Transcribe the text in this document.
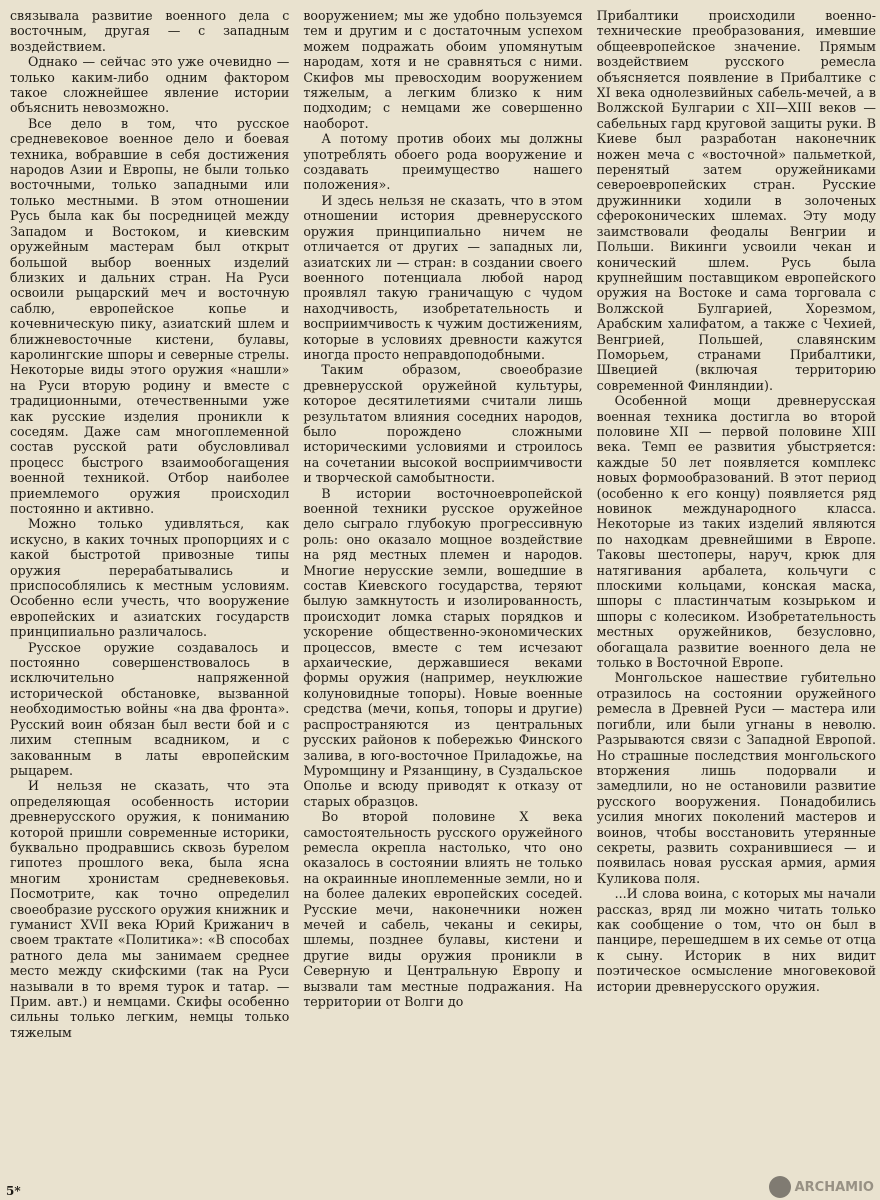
связывала развитие военного дела с восточным, другая — с западным воздействием.

Однако — сейчас это уже очевидно — только каким-либо одним фактором такое сложнейшее явление истории объяснить невозможно.

Все дело в том, что русское средневековое военное дело и боевая техника, вобравшие в себя достижения народов Азии и Европы, не были только восточными, только западными или только местными. В этом отношении Русь была как бы посредницей между Западом и Востоком, и киевским оружейным мастерам был открыт большой выбор военных изделий близких и дальних стран. На Руси освоили рыцарский меч и восточную саблю, европейское копье и кочевническую пику, азиатский шлем и ближневосточные кистени, булавы, каролингские шпоры и северные стрелы. Некоторые виды этого оружия «нашли» на Руси вторую родину и вместе с традиционными, отечественными уже как русские изделия проникли к соседям. Даже сам многоплеменной состав русской рати обусловливал процесс быстрого взаимообогащения военной техникой. Отбор наиболее приемлемого оружия происходил постоянно и активно.

Можно только удивляться, как искусно, в каких точных пропорциях и с какой быстротой привозные типы оружия перерабатывались и приспособлялись к местным условиям. Особенно если учесть, что вооружение европейских и азиатских государств принципиально различалось.

Русское оружие создавалось и постоянно совершенствовалось в исключительно напряженной исторической обстановке, вызванной необходимостью войны «на два фронта». Русский воин обязан был вести бой и с лихим степным всадником, и с закованным в латы европейским рыцарем.

И нельзя не сказать, что эта определяющая особенность истории древнерусского оружия, к пониманию которой пришли современные историки, буквально продравшись сквозь бурелом гипотез прошлого века, была ясна многим хронистам средневековья. Посмотрите, как точно определил своеобразие русского оружия книжник и гуманист XVII века Юрий Крижанич в своем трактате «Политика»: «В способах ратного дела мы занимаем среднее место между скифскими (так на Руси называли в то время турок и татар. — Прим. авт.) и немцами. Скифы особенно сильны только легким, немцы только тяжелым

вооружением; мы же удобно пользуемся тем и другим и с достаточным успехом можем подражать обоим упомянутым народам, хотя и не сравняться с ними. Скифов мы превосходим вооружением тяжелым, а легким близко к ним подходим; с немцами же совершенно наоборот.

А потому против обоих мы должны употреблять обоего рода вооружение и создавать преимущество нашего положения».

И здесь нельзя не сказать, что в этом отношении история древнерусского оружия принципиально ничем не отличается от других — западных ли, азиатских ли — стран: в создании своего военного потенциала любой народ проявлял такую граничащую с чудом находчивость, изобретательность и восприимчивость к чужим достижениям, которые в условиях древности кажутся иногда просто неправдоподобными.

Таким образом, своеобразие древнерусской оружейной культуры, которое десятилетиями считали лишь результатом влияния соседних народов, было порождено сложными историческими условиями и строилось на сочетании высокой восприимчивости и творческой самобытности.

В истории восточноевропейской военной техники русское оружейное дело сыграло глубокую прогрессивную роль: оно оказало мощное воздействие на ряд местных племен и народов. Многие нерусские земли, вошедшие в состав Киевского государства, теряют былую замкнутость и изолированность, происходит ломка старых порядков и ускорение общественно-экономических процессов, вместе с тем исчезают архаические, державшиеся веками формы оружия (например, неуклюжие колуновидные топоры). Новые военные средства (мечи, копья, топоры и другие) распространяются из центральных русских районов к побережью Финского залива, в юго-восточное Приладожье, на Муромщину и Рязанщину, в Суздальское Ополье и всюду приводят к отказу от старых образцов.

Во второй половине X века самостоятельность русского оружейного ремесла окрепла настолько, что оно оказалось в состоянии влиять не только на окраинные иноплеменные земли, но и на более далеких европейских соседей. Русские мечи, наконечники ножен мечей и сабель, чеканы и секиры, шлемы, позднее булавы, кистени и другие виды оружия проникли в Северную и Центральную Европу и вызвали там местные подражания. На территории от Волги до

Прибалтики происходили военно-технические преобразования, имевшие общеевропейское значение. Прямым воздействием русского ремесла объясняется появление в Прибалтике с XI века однолезвийных сабель-мечей, а в Волжской Булгарии с XII—XIII веков — сабельных гард круговой защиты руки. В Киеве был разработан наконечник ножен меча с «восточной» пальметкой, перенятый затем оружейниками североевропейских стран. Русские дружинники ходили в золоченых сфероконических шлемах. Эту моду заимствовали феодалы Венгрии и Польши. Викинги усвоили чекан и конический шлем. Русь была крупнейшим поставщиком европейского оружия на Востоке и сама торговала с Волжской Булгарией, Хорезмом, Арабским халифатом, а также с Чехией, Венгрией, Польшей, славянским Поморьем, странами Прибалтики, Швецией (включая территорию современной Финляндии).

Особенной мощи древнерусская военная техника достигла во второй половине XII — первой половине XIII века. Темп ее развития убыстряется: каждые 50 лет появляется комплекс новых формообразований. В этот период (особенно к его концу) появляется ряд новинок международного класса. Некоторые из таких изделий являются по находкам древнейшими в Европе. Таковы шестоперы, наруч, крюк для натягивания арбалета, кольчуги с плоскими кольцами, конская маска, шпоры с пластинчатым козырьком и шпоры с колесиком. Изобретательность местных оружейников, безусловно, обогащала развитие военного дела не только в Восточной Европе.

Монгольское нашествие губительно отразилось на состоянии оружейного ремесла в Древней Руси — мастера или погибли, или были угнаны в неволю. Разрываются связи с Западной Европой. Но страшные последствия монгольского вторжения лишь подорвали и замедлили, но не остановили развитие русского вооружения. Понадобились усилия многих поколений мастеров и воинов, чтобы восстановить утерянные секреты, развить сохранившиеся — и появилась новая русская армия, армия Куликова поля.

...И слова воина, с которых мы начали рассказ, вряд ли можно читать только как сообщение о том, что он был в панцире, перешедшем в их семье от отца к сыну. Историк в них видит поэтическое осмысление многовековой истории древнерусского оружия.

5*	ARCHAMIO
